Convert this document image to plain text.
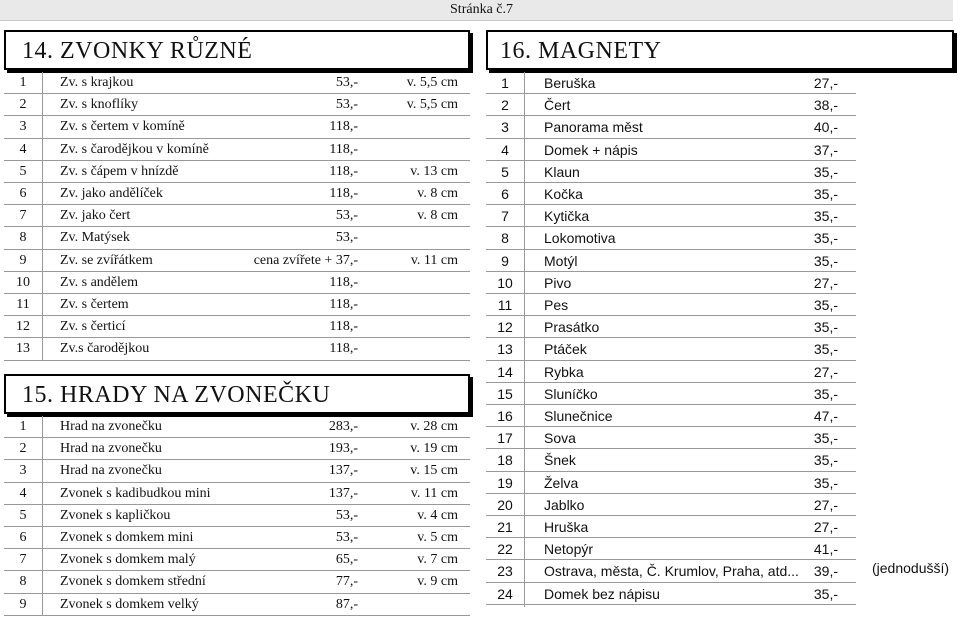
Stránka č.7
14. ZVONKY RŮZNÉ
1	Zv. s krajkou	53,-	v. 5,5 cm
2	Zv. s knoflíky	53,-	v. 5,5 cm
3	Zv. s čertem v komíně	118,-
4	Zv. s čarodějkou v komíně	118,-
5	Zv. s čápem v hnízdě	118,-	v. 13 cm
6	Zv. jako andělíček	118,-	v. 8 cm
7	Zv. jako čert	53,-	v. 8 cm
8	Zv. Matýsek	53,-
9	Zv. se zvířátkem	cena zvířete + 37,-	v. 11 cm
10	Zv. s andělem	118,-
11	Zv. s čertem	118,-
12	Zv. s čerticí	118,-
13	Zv.s čarodějkou	118,-
15. HRADY NA ZVONEČKU
1	Hrad na zvonečku	283,-	v. 28 cm
2	Hrad na zvonečku	193,-	v. 19 cm
3	Hrad na zvonečku	137,-	v. 15 cm
4	Zvonek s kadibudkou mini	137,-	v. 11 cm
5	Zvonek s kapličkou	53,-	v. 4 cm
6	Zvonek s domkem mini	53,-	v. 5 cm
7	Zvonek s domkem malý	65,-	v. 7 cm
8	Zvonek s domkem střední	77,-	v. 9 cm
9	Zvonek s domkem velký	87,-
16. MAGNETY
1	Beruška	27,-
2	Čert	38,-
3	Panorama měst	40,-
4	Domek + nápis	37,-
5	Klaun	35,-
6	Kočka	35,-
7	Kytička	35,-
8	Lokomotiva	35,-
9	Motýl	35,-
10	Pivo	27,-
11	Pes	35,-
12	Prasátko	35,-
13	Ptáček	35,-
14	Rybka	27,-
15	Sluníčko	35,-
16	Slunečnice	47,-
17	Sova	35,-
18	Šnek	35,-
19	Želva	35,-
20	Jablko	27,-
21	Hruška	27,-
22	Netopýr	41,-
23	Ostrava, města, Č. Krumlov, Praha, atd... 39,-
24	Domek bez nápisu	35,-
(jednodušší)
